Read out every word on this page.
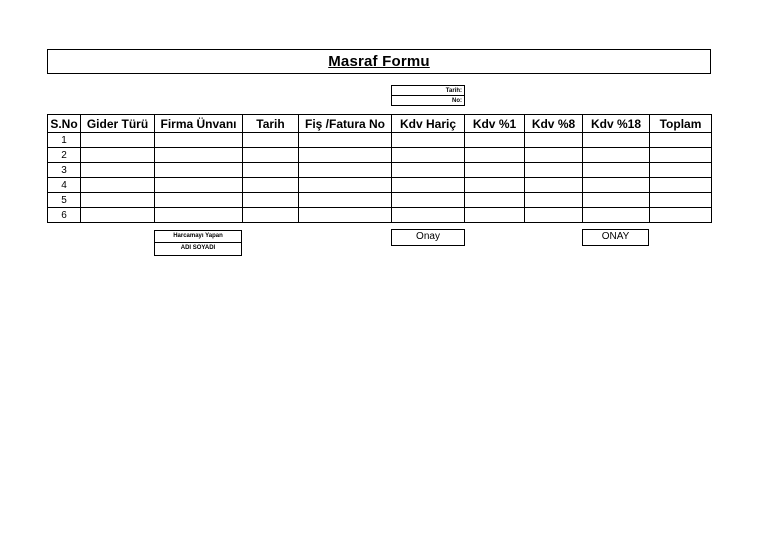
Masraf Formu
Tarih:
No:
S.No	Gider Türü	Firma Ünvanı	Tarih	Fiş /Fatura No	Kdv Hariç	Kdv %1	Kdv %8	Kdv %18	Toplam
1									
2									
3									
4									
5									
6									
Harcamayı Yapan
ADI SOYADI
Onay	ONAY
